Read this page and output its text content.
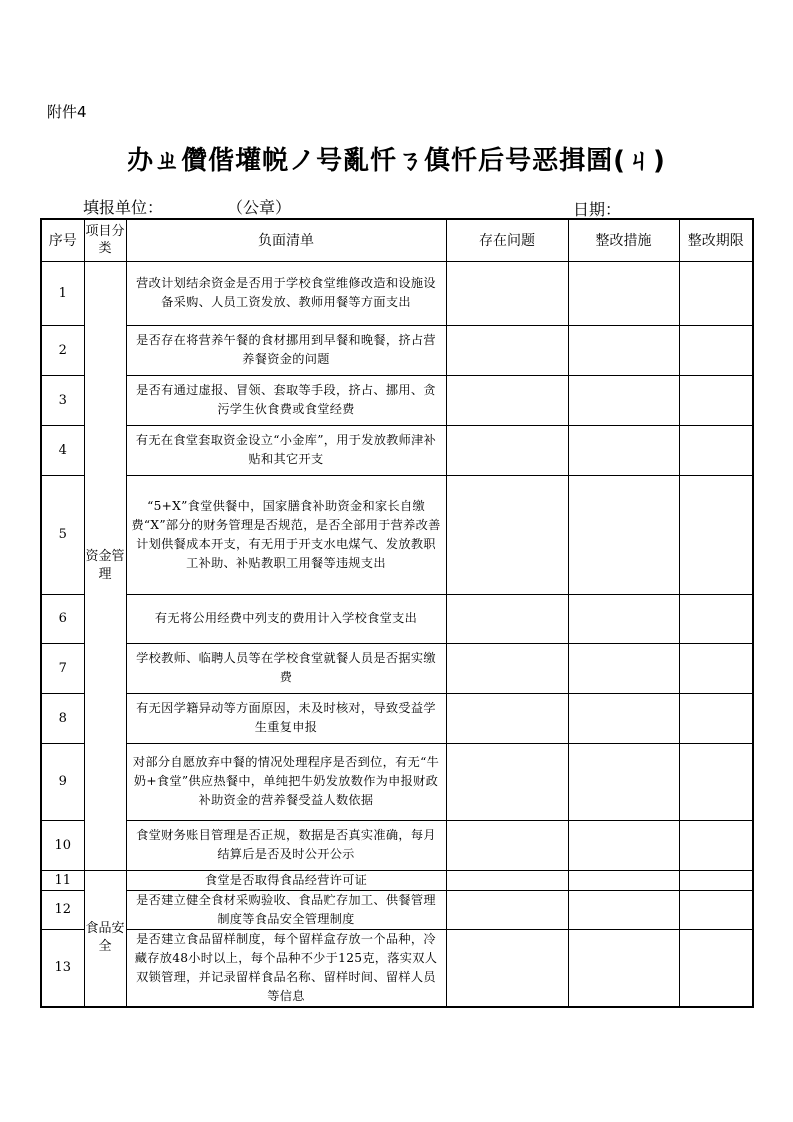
附件4
办ㄓ儹偕壦帨ノ号亂忏ㄋ傎忏后号恶揖圄(ㄐ)
填报单位：	（公章）	日期：
序号	项目分类	负面清单	存在问题	整改措施	整改期限
1	资金管理	营改计划结余资金是否用于学校食堂维修改造和设施设备采购、人员工资发放、教师用餐等方面支出			
2		是否存在将营养午餐的食材挪用到早餐和晚餐，挤占营养餐资金的问题			
3		是否有通过虚报、冒领、套取等手段，挤占、挪用、贪污学生伙食费或食堂经费			
4		有无在食堂套取资金设立“小金库”，用于发放教师津补贴和其它开支			
5		“5+X”食堂供餐中，国家膳食补助资金和家长自缴费“X”部分的财务管理是否规范，是否全部用于营养改善计划供餐成本开支，有无用于开支水电煤气、发放教职工补助、补贴教职工用餐等违规支出			
6		有无将公用经费中列支的费用计入学校食堂支出			
7		学校教师、临聘人员等在学校食堂就餐人员是否据实缴费			
8		有无因学籍异动等方面原因，未及时核对，导致受益学生重复申报			
9		对部分自愿放弃中餐的情况处理程序是否到位，有无“牛奶+食堂”供应热餐中，单纯把牛奶发放数作为申报财政补助资金的营养餐受益人数依据			
10		食堂财务账目管理是否正规，数据是否真实准确，每月结算后是否及时公开公示			
11	食品安全	食堂是否取得食品经营许可证			
12		是否建立健全食材采购验收、食品贮存加工、供餐管理制度等食品安全管理制度			
13		是否建立食品留样制度，每个留样盒存放一个品种，冷藏存放48小时以上，每个品种不少于125克，落实双人双锁管理，并记录留样食品名称、留样时间、留样人员等信息			
